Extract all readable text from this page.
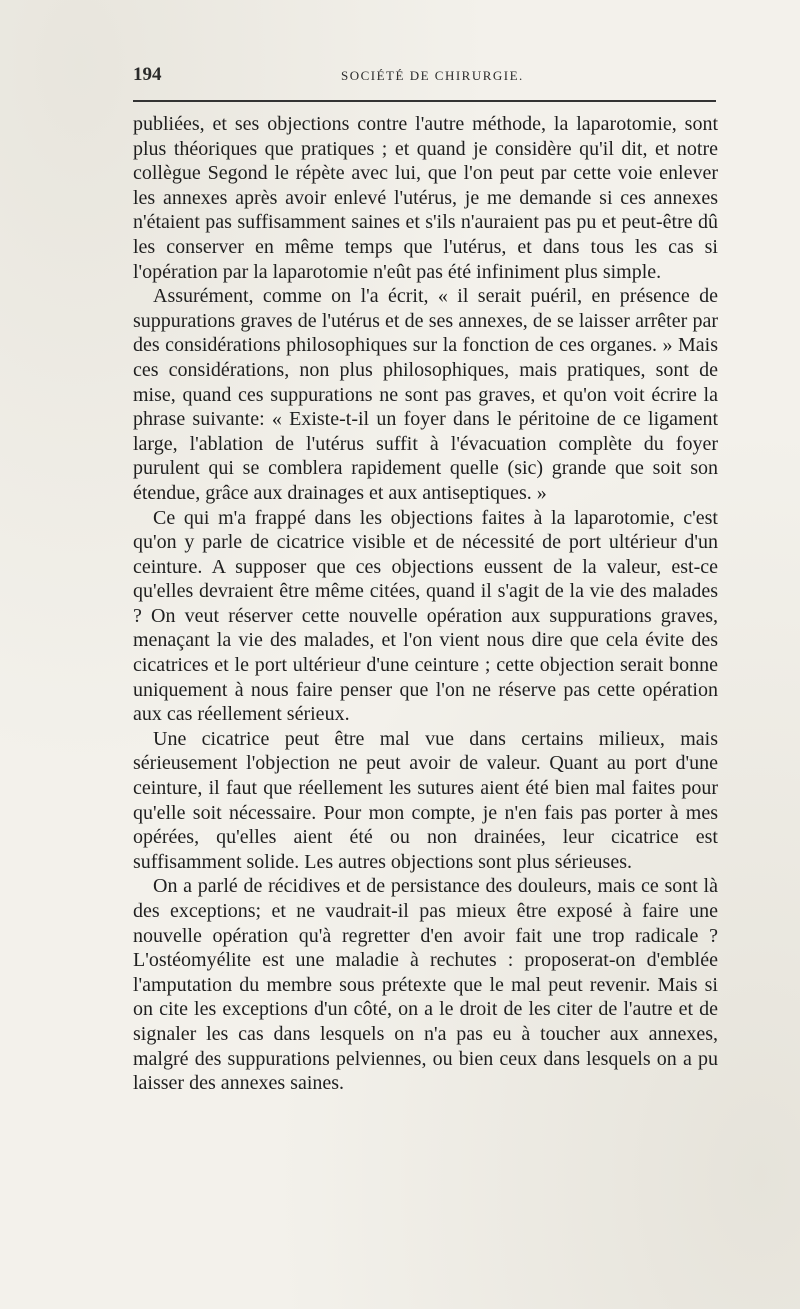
194	SOCIÉTÉ DE CHIRURGIE.

publiées, et ses objections contre l'autre méthode, la laparotomie, sont plus théoriques que pratiques ; et quand je considère qu'il dit, et notre collègue Segond le répète avec lui, que l'on peut par cette voie enlever les annexes après avoir enlevé l'utérus, je me demande si ces annexes n'étaient pas suffisamment saines et s'ils n'auraient pas pu et peut-être dû les conserver en même temps que l'utérus, et dans tous les cas si l'opération par la laparotomie n'eût pas été infiniment plus simple.

Assurément, comme on l'a écrit, « il serait puéril, en présence de suppurations graves de l'utérus et de ses annexes, de se laisser arrêter par des considérations philosophiques sur la fonction de ces organes. » Mais ces considérations, non plus philosophiques, mais pratiques, sont de mise, quand ces suppurations ne sont pas graves, et qu'on voit écrire la phrase suivante: « Existe-t-il un foyer dans le péritoine de ce ligament large, l'ablation de l'utérus suffit à l'évacuation complète du foyer purulent qui se comblera rapidement quelle (sic) grande que soit son étendue, grâce aux drainages et aux antiseptiques. »

Ce qui m'a frappé dans les objections faites à la laparotomie, c'est qu'on y parle de cicatrice visible et de nécessité de port ultérieur d'un ceinture. A supposer que ces objections eussent de la valeur, est-ce qu'elles devraient être même citées, quand il s'agit de la vie des malades ? On veut réserver cette nouvelle opération aux suppurations graves, menaçant la vie des malades, et l'on vient nous dire que cela évite des cicatrices et le port ultérieur d'une ceinture ; cette objection serait bonne uniquement à nous faire penser que l'on ne réserve pas cette opération aux cas réellement sérieux.

Une cicatrice peut être mal vue dans certains milieux, mais sérieusement l'objection ne peut avoir de valeur. Quant au port d'une ceinture, il faut que réellement les sutures aient été bien mal faites pour qu'elle soit nécessaire. Pour mon compte, je n'en fais pas porter à mes opérées, qu'elles aient été ou non drainées, leur cicatrice est suffisamment solide. Les autres objections sont plus sérieuses.

On a parlé de récidives et de persistance des douleurs, mais ce sont là des exceptions; et ne vaudrait-il pas mieux être exposé à faire une nouvelle opération qu'à regretter d'en avoir fait une trop radicale ? L'ostéomyélite est une maladie à rechutes : proposerat-on d'emblée l'amputation du membre sous prétexte que le mal peut revenir. Mais si on cite les exceptions d'un côté, on a le droit de les citer de l'autre et de signaler les cas dans lesquels on n'a pas eu à toucher aux annexes, malgré des suppurations pelviennes, ou bien ceux dans lesquels on a pu laisser des annexes saines.
